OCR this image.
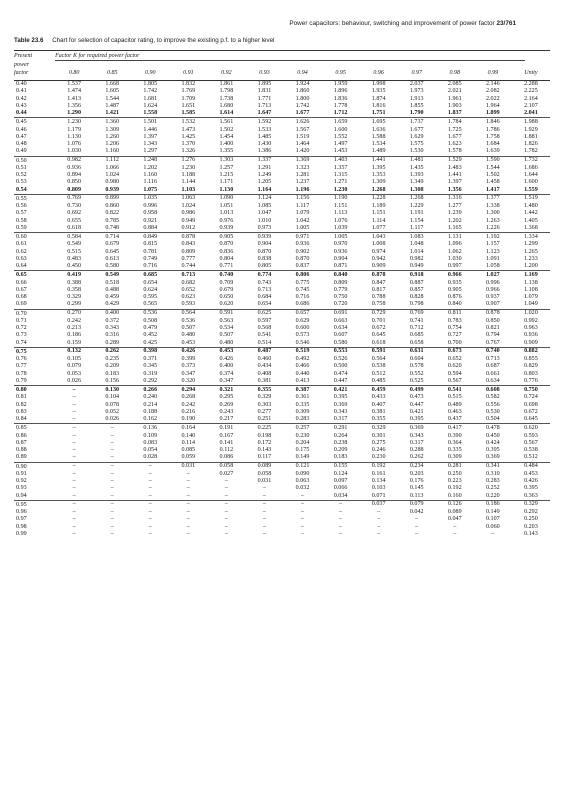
Power capacitors: behaviour, switching and improvement of power factor 23/761
Table 23.6 Chart for selection of capacitor rating, to improve the existing p.f. to a higher level

Present	Factor K for required power factor												
power													
factor	0.80	0.85	0.90	0.91	0.92	0.93	0.94	0.95	0.96	0.97	0.98	0.99	Unity
0.40	1.537	1.668	1.805	1.832	1.861	1.895	1.924	1.959	1.998	2.037	2.085	2.146	2.288
0.41	1.474	1.605	1.742	1.769	1.798	1.831	1.860	1.896	1.935	1.973	2.021	2.082	2.225
0.42	1.413	1.544	1.681	1.709	1.738	1.771	1.800	1.836	1.874	1.913	1.961	2.022	2.164
0.43	1.356	1.487	1.624	1.651	1.680	1.713	1.742	1.778	1.816	1.855	1.903	1.964	2.107
0.44	1.290	1.421	1.558	1.585	1.614	1.647	1.677	1.712	1.751	1.790	1.837	1.899	2.041
0.45	1.230	1.360	1.501	1.532	1.561	1.592	1.626	1.659	1.695	1.737	1.784	1.846	1.988
0.46	1.179	1.309	1.446	1.473	1.502	1.533	1.567	1.600	1.636	1.677	1.725	1.786	1.929
0.47	1.130	1.260	1.397	1.425	1.454	1.485	1.519	1.552	1.588	1.629	1.677	1.758	1.881
0.48	1.076	1.206	1.343	1.370	1.400	1.430	1.464	1.497	1.534	1.575	1.623	1.684	1.826
0.49	1.030	1.160	1.297	1.326	1.355	1.386	1.420	1.453	1.489	1.530	1.578	1.639	1.782
0.50	0.982	1.112	1.248	1.276	1.303	1.337	1.369	1.403	1.441	1.481	1.529	1.590	1.732
0.51	0.936	1.066	1.202	1.230	1.257	1.291	1.323	1.357	1.395	1.435	1.483	1.544	1.686
0.52	0.894	1.024	1.160	1.188	1.215	1.249	1.281	1.315	1.353	1.393	1.441	1.502	1.644
0.53	0.850	0.980	1.116	1.144	1.171	1.205	1.237	1.271	1.309	1.349	1.397	1.458	1.600
0.54	0.809	0.939	1.075	1.103	1.130	1.164	1.196	1.230	1.268	1.308	1.356	1.417	1.559
0.55	0.769	0.899	1.035	1.063	1.090	1.124	1.156	1.190	1.228	1.268	1.316	1.377	1.519
0.56	0.730	0.860	0.996	1.024	1.051	1.085	1.117	1.151	1.189	1.229	1.277	1.338	1.480
0.57	0.692	0.822	0.958	0.986	1.013	1.047	1.079	1.113	1.151	1.191	1.239	1.300	1.442
0.58	0.655	0.785	0.921	0.949	0.976	1.010	1.042	1.076	1.114	1.154	1.202	1.263	1.405
0.59	0.618	0.748	0.884	0.912	0.939	0.973	1.005	1.039	1.077	1.117	1.165	1.226	1.368
0.60	0.584	0.714	0.849	0.878	0.905	0.939	0.971	1.005	1.043	1.083	1.131	1.192	1.334
0.61	0.549	0.679	0.815	0.843	0.870	0.904	0.936	0.970	1.008	1.048	1.096	1.157	1.299
0.62	0.515	0.645	0.781	0.809	0.836	0.870	0.902	0.936	0.974	1.014	1.062	1.123	1.265
0.63	0.483	0.613	0.749	0.777	0.804	0.838	0.870	0.904	0.942	0.982	1.030	1.091	1.233
0.64	0.450	0.580	0.716	0.744	0.771	0.805	0.837	0.871	0.909	0.949	0.997	1.058	1.200
0.65	0.419	0.549	0.685	0.713	0.740	0.774	0.806	0.840	0.878	0.918	0.966	1.027	1.169
0.66	0.388	0.518	0.654	0.682	0.709	0.743	0.775	0.809	0.847	0.887	0.935	0.996	1.138
0.67	0.358	0.488	0.624	0.652	0.679	0.713	0.745	0.779	0.817	0.857	0.905	0.966	1.108
0.68	0.329	0.459	0.595	0.623	0.650	0.684	0.716	0.750	0.788	0.828	0.876	0.937	1.079
0.69	0.299	0.429	0.565	0.593	0.620	0.654	0.686	0.720	0.758	0.798	0.840	0.907	1.049
0.70	0.270	0.400	0.536	0.564	0.591	0.625	0.657	0.691	0.729	0.769	0.811	0.878	1.020
0.71	0.242	0.372	0.508	0.536	0.563	0.597	0.629	0.663	0.701	0.741	0.783	0.850	0.992
0.72	0.213	0.343	0.479	0.507	0.534	0.568	0.600	0.634	0.672	0.712	0.754	0.821	0.963
0.73	0.186	0.316	0.452	0.480	0.507	0.541	0.573	0.607	0.645	0.685	0.727	0.794	0.936
0.74	0.159	0.289	0.425	0.453	0.480	0.514	0.546	0.580	0.618	0.658	0.700	0.767	0.909
0.75	0.132	0.262	0.398	0.426	0.453	0.487	0.519	0.553	0.591	0.631	0.673	0.740	0.882
0.76	0.105	0.235	0.371	0.399	0.426	0.460	0.492	0.526	0.564	0.604	0.652	0.713	0.855
0.77	0.079	0.209	0.345	0.373	0.400	0.434	0.466	0.500	0.538	0.578	0.620	0.687	0.829
0.78	0.053	0.183	0.319	0.347	0.374	0.408	0.440	0.474	0.512	0.552	0.594	0.661	0.803
0.79	0.026	0.156	0.292	0.320	0.347	0.381	0.413	0.447	0.485	0.525	0.567	0.634	0.776
0.80	–	0.130	0.266	0.294	0.321	0.355	0.387	0.421	0.459	0.499	0.541	0.608	0.750
0.81	–	0.104	0.240	0.268	0.295	0.329	0.361	0.395	0.433	0.473	0.515	0.582	0.724
0.82	–	0.078	0.214	0.242	0.269	0.303	0.335	0.369	0.407	0.447	0.489	0.556	0.698
0.83	–	0.052	0.188	0.216	0.243	0.277	0.309	0.343	0.381	0.421	0.463	0.530	0.672
0.84	–	0.026	0.162	0.190	0.217	0.251	0.283	0.317	0.355	0.395	0.437	0.504	0.645
0.85	–	–	0.136	0.164	0.191	0.225	0.257	0.291	0.329	0.369	0.417	0.478	0.620
0.86	–	–	0.109	0.140	0.167	0.198	0.230	0.264	0.301	0.343	0.390	0.450	0.593
0.87	–	–	0.083	0.114	0.141	0.172	0.204	0.238	0.275	0.317	0.364	0.424	0.567
0.88	–	–	0.054	0.085	0.112	0.143	0.175	0.209	0.246	0.288	0.335	0.395	0.538
0.89	–	–	0.028	0.059	0.086	0.117	0.149	0.183	0.230	0.262	0.309	0.369	0.512
0.90	–	–	–	0.031	0.058	0.089	0.121	0.155	0.192	0.234	0.281	0.341	0.484
0.91	–	–	–	–	0.027	0.058	0.090	0.124	0.161	0.203	0.250	0.310	0.453
0.92	–	–	–	–	–	0.031	0.063	0.097	0.134	0.176	0.223	0.283	0.426
0.93	–	–	–	–	–	–	0.032	0.066	0.103	0.145	0.192	0.252	0.395
0.94	–	–	–	–	–	–	–	0.034	0.071	0.113	0.160	0.220	0.363
0.95	–	–	–	–	–	–	–	–	0.037	0.079	0.126	0.186	0.329
0.96	–	–	–	–	–	–	–	–	–	0.042	0.089	0.149	0.292
0.97	–	–	–	–	–	–	–	–	–	–	0.047	0.107	0.250
0.98	–	–	–	–	–	–	–	–	–	–	–	0.060	0.203
0.99	–	–	–	–	–	–	–	–	–	–	–	–	0.143
